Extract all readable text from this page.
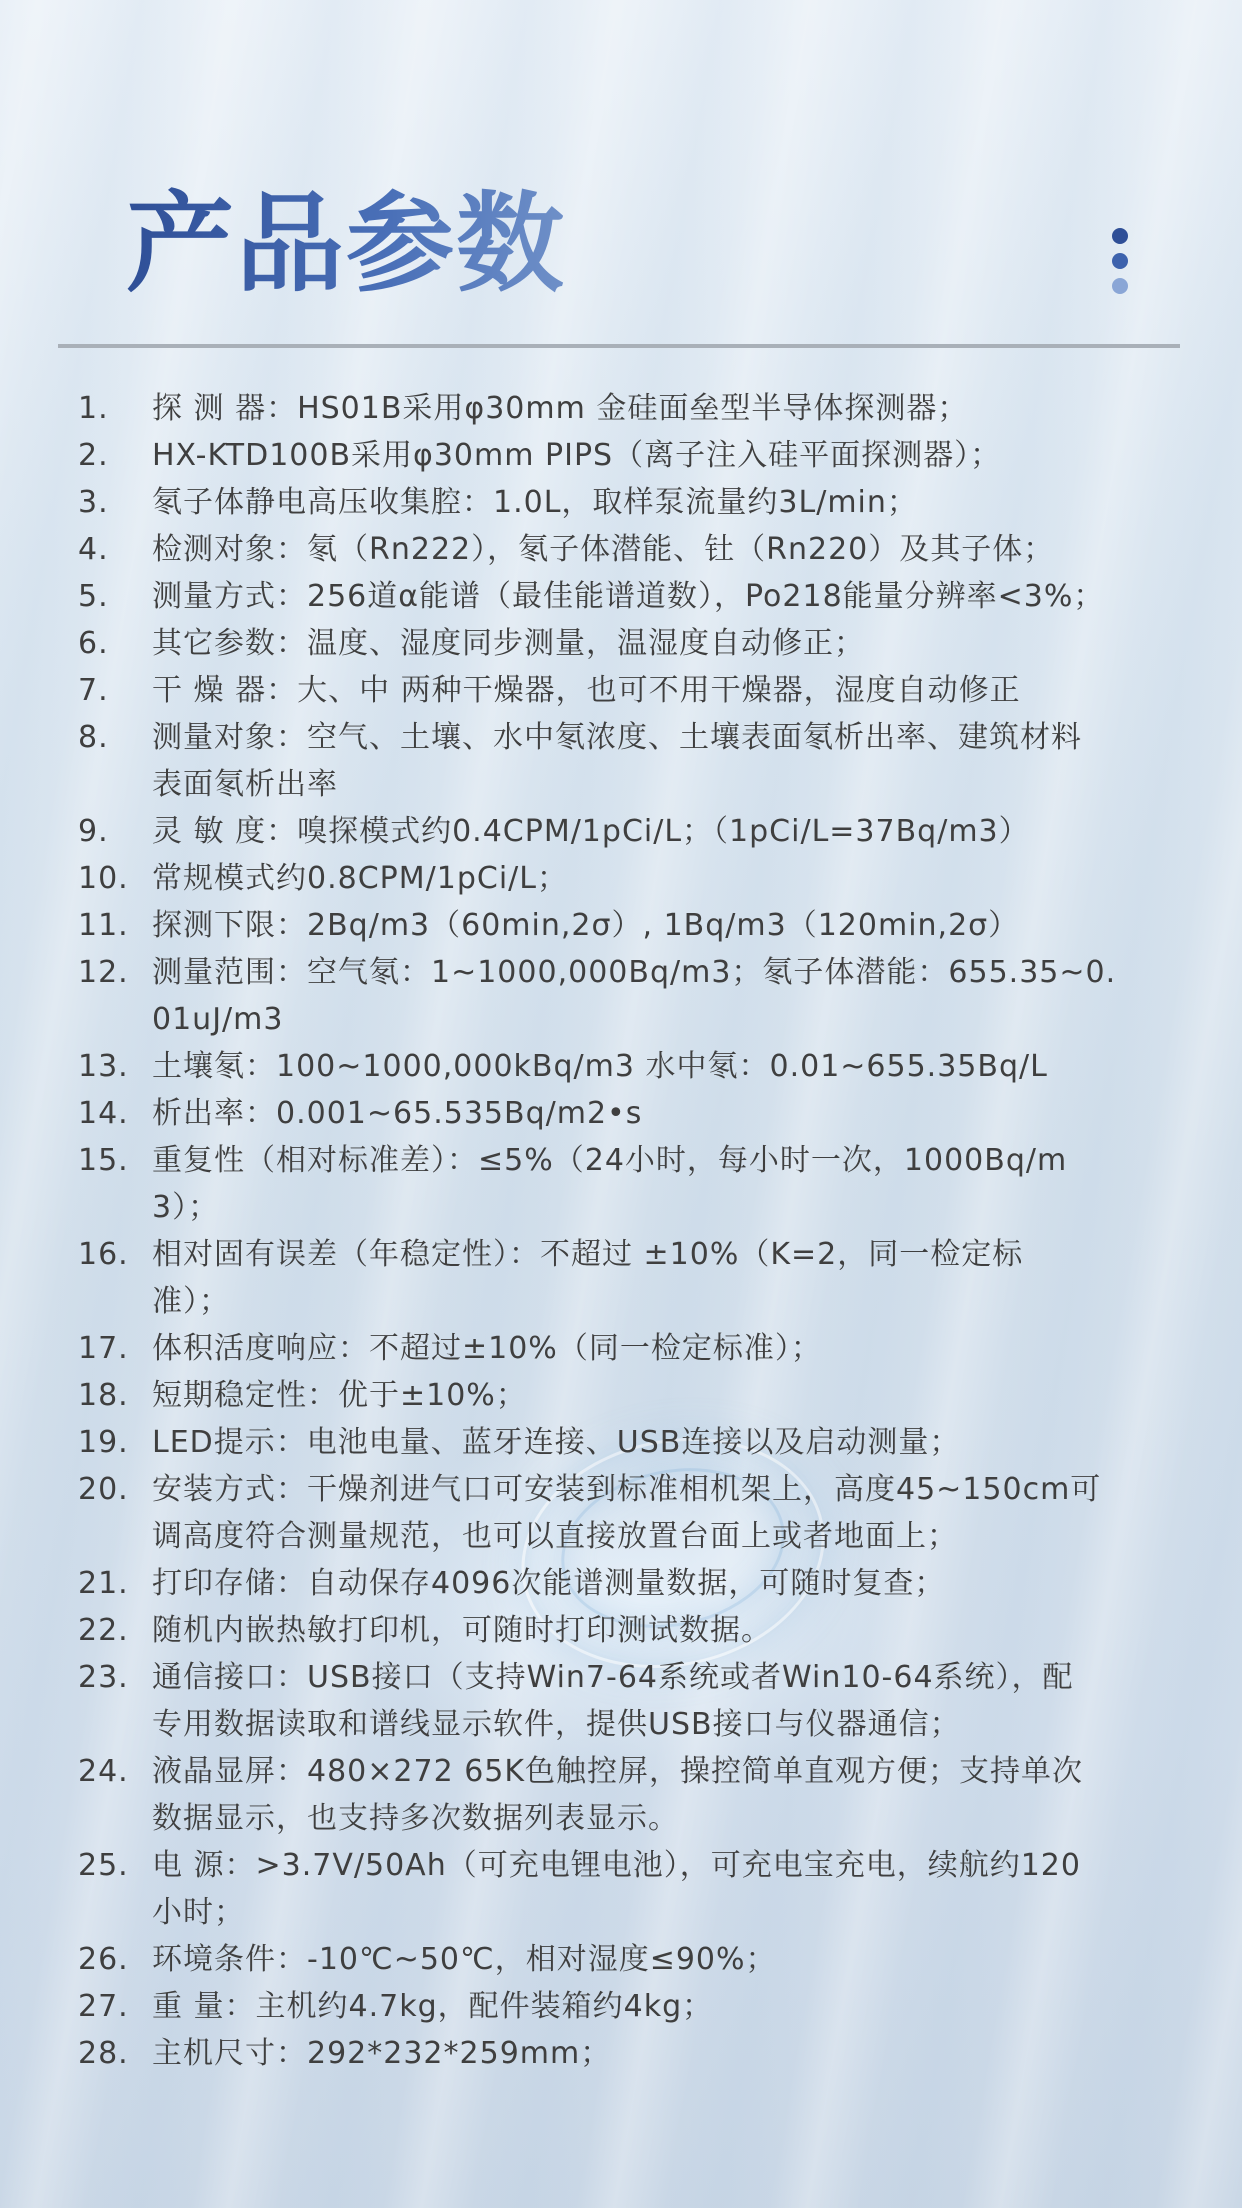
产品参数
1.	探 测 器：HS01B采用φ30mm 金硅面垒型半导体探测器；
2.	HX-KTD100B采用φ30mm PIPS（离子注入硅平面探测器）；
3.	氡子体静电高压收集腔：1.0L，取样泵流量约3L/min；
4.	检测对象：氡（Rn222），氡子体潜能、钍（Rn220）及其子体；
5.	测量方式：256道α能谱（最佳能谱道数），Po218能量分辨率<3%；
6.	其它参数：温度、湿度同步测量，温湿度自动修正；
7.	干 燥 器：大、中 两种干燥器，也可不用干燥器，湿度自动修正
8.	测量对象：空气、土壤、水中氡浓度、土壤表面氡析出率、建筑材料
表面氡析出率
9.	灵 敏 度：嗅探模式约0.4CPM/1pCi/L；（1pCi/L=37Bq/m3）
10. 常规模式约0.8CPM/1pCi/L；
11. 探测下限：2Bq/m3（60min,2σ）, 1Bq/m3（120min,2σ）
12. 测量范围：空气氡：1~1000,000Bq/m3；氡子体潜能：655.35~0.
01uJ/m3
13. 土壤氡：100~1000,000kBq/m3 水中氡：0.01~655.35Bq/L
14. 析出率：0.001~65.535Bq/m2•s
15. 重复性（相对标准差）：≤5%（24小时，每小时一次，1000Bq/m
3）；
16. 相对固有误差（年稳定性）：不超过 ±10%（K=2，同一检定标
准）；
17. 体积活度响应：不超过±10%（同一检定标准）；
18. 短期稳定性：优于±10%；
19. LED提示：电池电量、蓝牙连接、USB连接以及启动测量；
20. 安装方式：干燥剂进气口可安装到标准相机架上，高度45~150cm可
调高度符合测量规范，也可以直接放置台面上或者地面上；
21. 打印存储：自动保存4096次能谱测量数据，可随时复查；
22. 随机内嵌热敏打印机，可随时打印测试数据。
23. 通信接口：USB接口（支持Win7-64系统或者Win10-64系统），配
专用数据读取和谱线显示软件，提供USB接口与仪器通信；
24. 液晶显屏：480×272 65K色触控屏，操控简单直观方便；支持单次
数据显示，也支持多次数据列表显示。
25. 电 源：>3.7V/50Ah（可充电锂电池），可充电宝充电，续航约120
小时；
26. 环境条件：-10℃~50℃，相对湿度≤90%；
27. 重 量：主机约4.7kg，配件装箱约4kg；
28. 主机尺寸：292*232*259mm；
